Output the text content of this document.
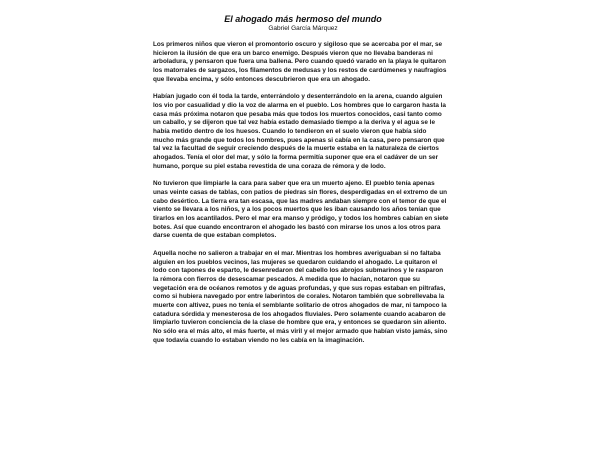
El ahogado más hermoso del mundo
Gabriel García Márquez

Los primeros niños que vieron el promontorio oscuro y sigiloso que se acercaba por el mar, se hicieron la ilusión de que era un barco enemigo. Después vieron que no llevaba banderas ni arboladura, y pensaron que fuera una ballena. Pero cuando quedó varado en la playa le quitaron los matorrales de sargazos, los filamentos de medusas y los restos de cardúmenes y naufragios que llevaba encima, y sólo entonces descubrieron que era un ahogado.

Habían jugado con él toda la tarde, enterrándolo y desenterrándolo en la arena, cuando alguien los vio por casualidad y dio la voz de alarma en el pueblo. Los hombres que lo cargaron hasta la casa más próxima notaron que pesaba más que todos los muertos conocidos, casi tanto como un caballo, y se dijeron que tal vez había estado demasiado tiempo a la deriva y el agua se le había metido dentro de los huesos. Cuando lo tendieron en el suelo vieron que había sido mucho más grande que todos los hombres, pues apenas si cabía en la casa, pero pensaron que tal vez la facultad de seguir creciendo después de la muerte estaba en la naturaleza de ciertos ahogados. Tenía el olor del mar, y sólo la forma permitía suponer que era el cadáver de un ser humano, porque su piel estaba revestida de una coraza de rémora y de lodo.

No tuvieron que limpiarle la cara para saber que era un muerto ajeno. El pueblo tenía apenas unas veinte casas de tablas, con patios de piedras sin flores, desperdigadas en el extremo de un cabo desértico. La tierra era tan escasa, que las madres andaban siempre con el temor de que el viento se llevara a los niños, y a los pocos muertos que les iban causando los años tenían que tirarlos en los acantilados. Pero el mar era manso y pródigo, y todos los hombres cabían en siete botes. Así que cuando encontraron el ahogado les bastó con mirarse los unos a los otros para darse cuenta de que estaban completos.

Aquella noche no salieron a trabajar en el mar. Mientras los hombres averiguaban si no faltaba alguien en los pueblos vecinos, las mujeres se quedaron cuidando el ahogado. Le quitaron el lodo con tapones de esparto, le desenredaron del cabello los abrojos submarinos y le rasparon la rémora con fierros de desescamar pescados. A medida que lo hacían, notaron que su vegetación era de océanos remotos y de aguas profundas, y que sus ropas estaban en piltrafas, como si hubiera navegado por entre laberintos de corales. Notaron también que sobrellevaba la muerte con altivez, pues no tenía el semblante solitario de otros ahogados de mar, ni tampoco la catadura sórdida y menesterosa de los ahogados fluviales. Pero solamente cuando acabaron de limpiarlo tuvieron conciencia de la clase de hombre que era, y entonces se quedaron sin aliento. No sólo era el más alto, el más fuerte, el más viril y el mejor armado que habían visto jamás, sino que todavía cuando lo estaban viendo no les cabía en la imaginación.
